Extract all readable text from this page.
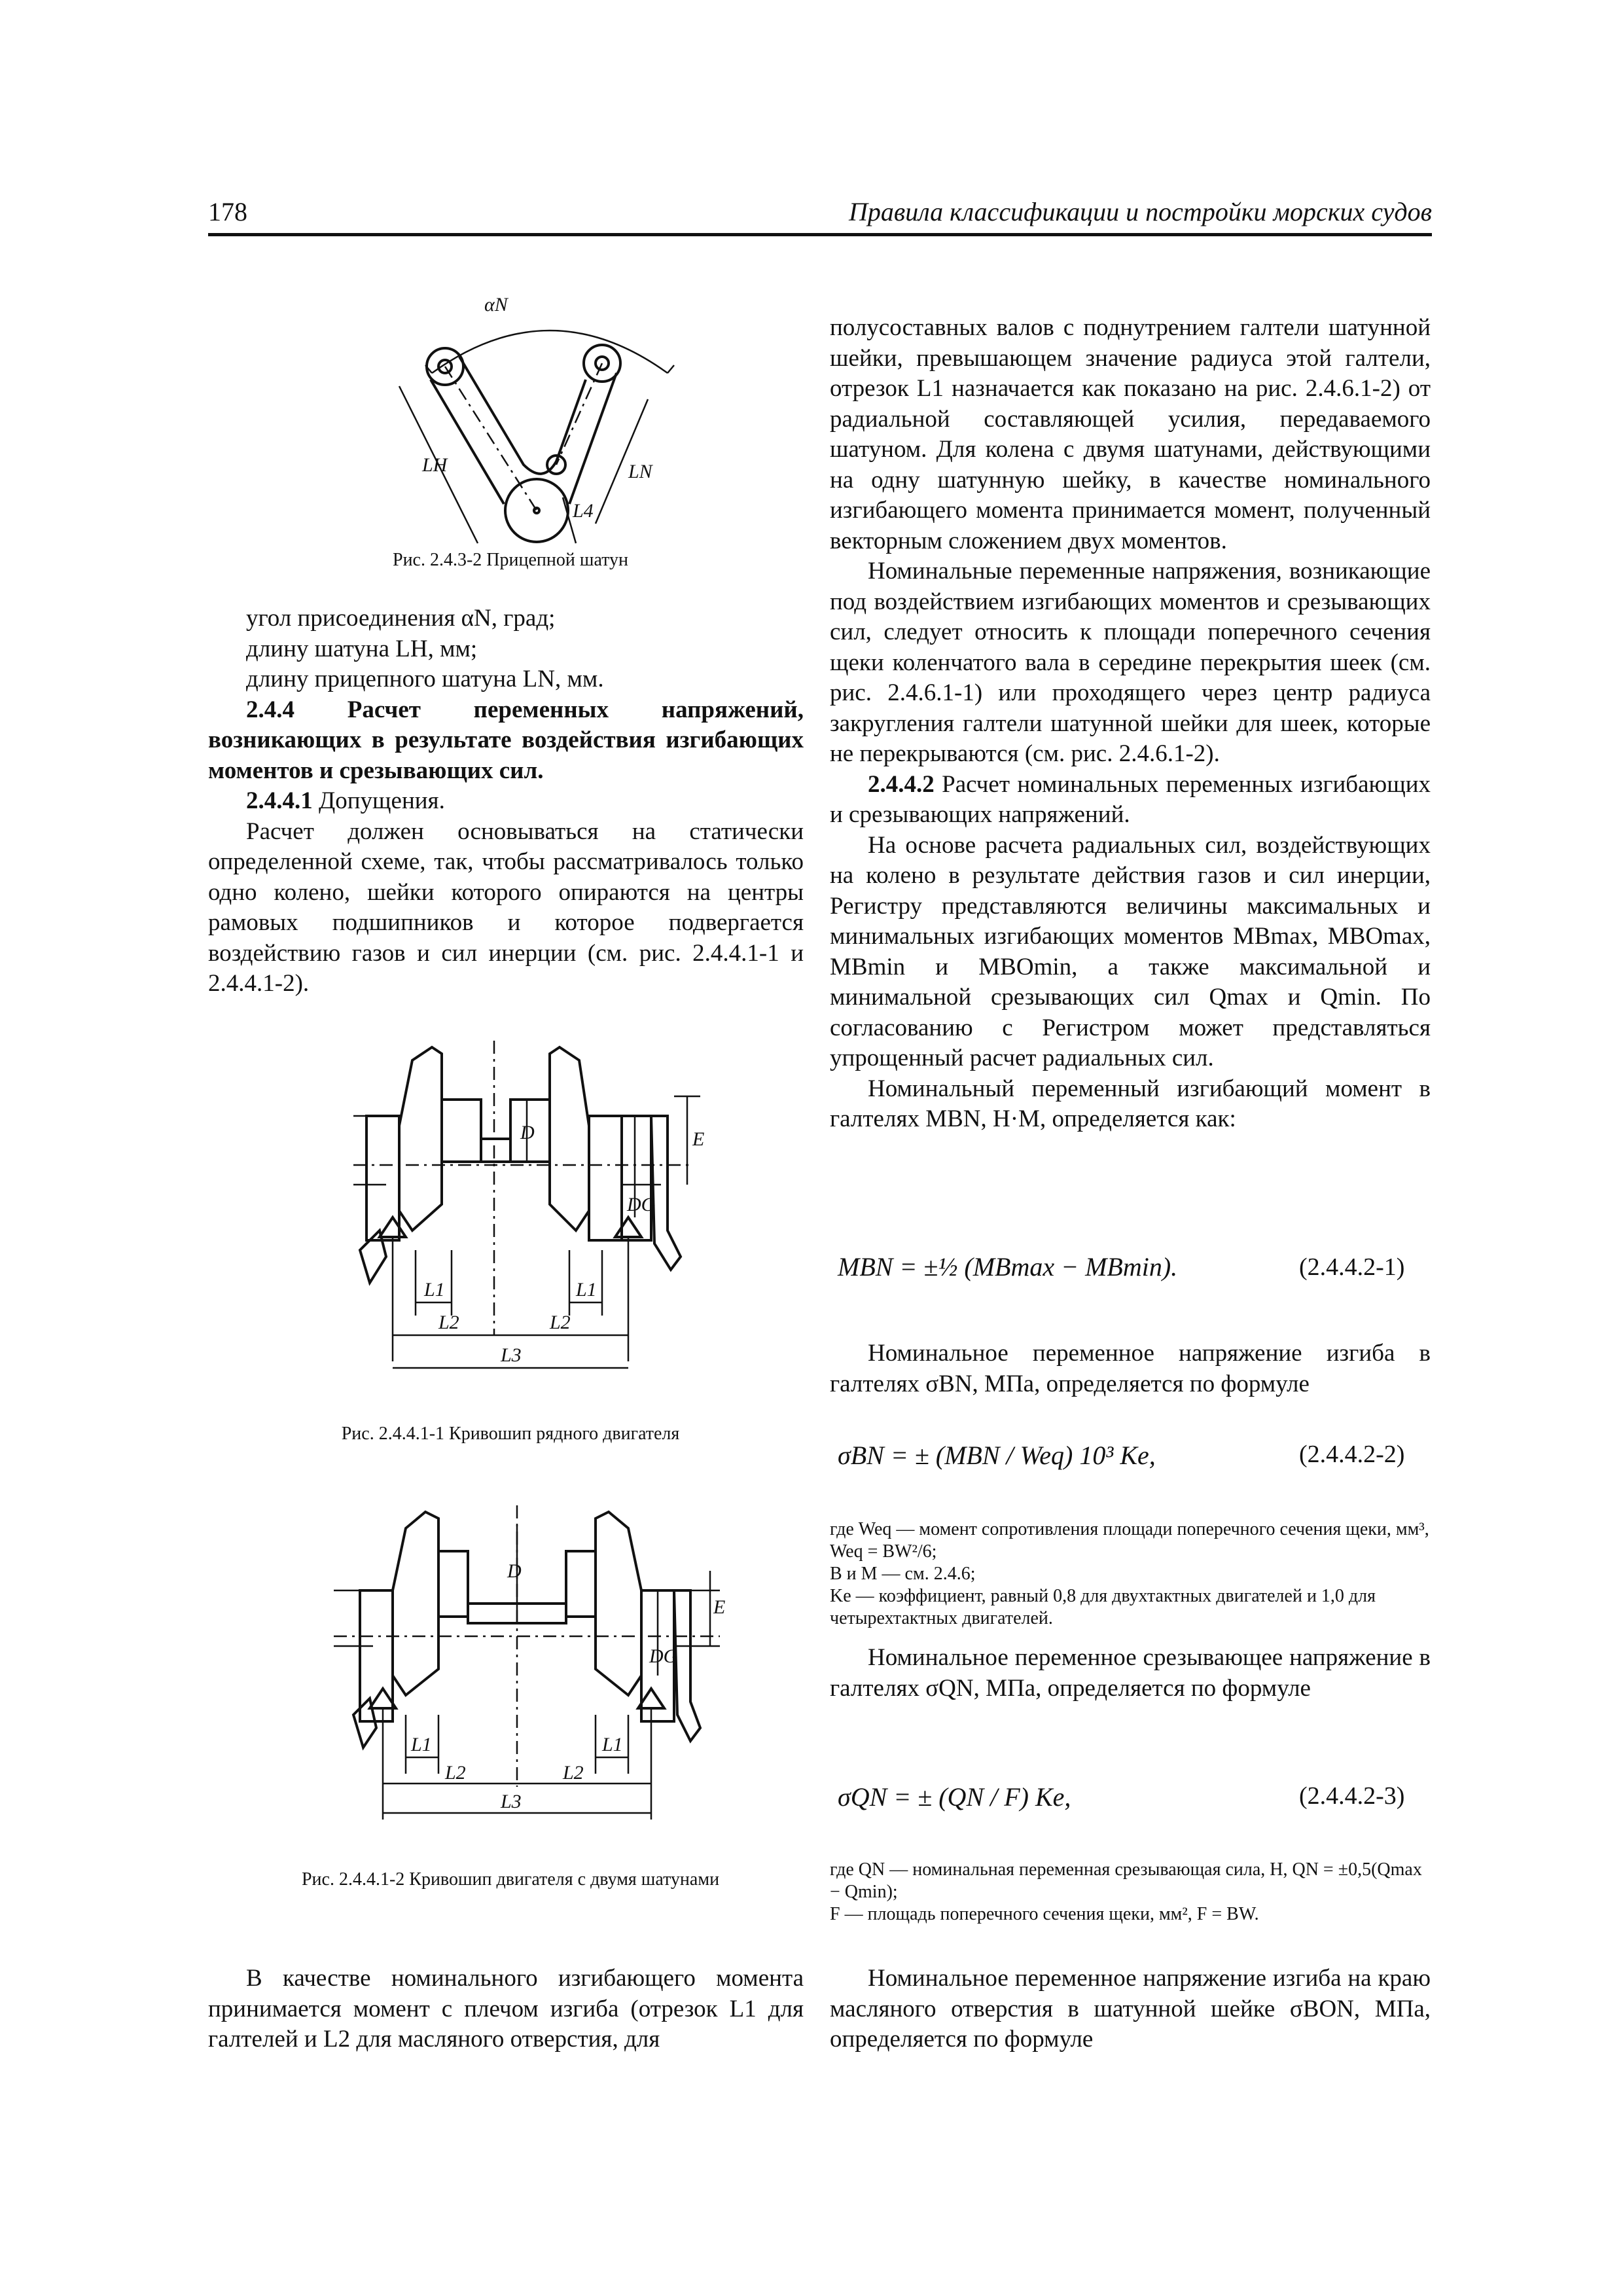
178	Правила классификации и постройки морских судов
αN
LH	LN
L4
Рис. 2.4.3-2 Прицепной шатун

угол присоединения αN, град;

длину шатуна LH, мм;

длину прицепного шатуна LN, мм.

2.4.4 Расчет переменных напряжений, возникающих в результате воздействия изгибающих моментов и срезывающих сил.

2.4.4.1 Допущения.

Расчет должен основываться на статически определенной схеме, так, чтобы рассматривалось только одно колено, шейки которого опираются на центры рамовых подшипников и которое подвергается воздействию газов и сил инерции (см. рис. 2.4.4.1-1 и 2.4.4.1-2).

D	E
DG
L1	L1
L2	L2
L3
Рис. 2.4.4.1-1 Кривошип рядного двигателя
D
E
DG
L1	L1
L2	L2
L3
Рис. 2.4.4.1-2 Кривошип двигателя с двумя шатунами

В качестве номинального изгибающего момента принимается момент с плечом изгиба (отрезок L1 для галтелей и L2 для масляного отверстия, для

полусоставных валов с поднутрением галтели шатунной шейки, превышающем значение радиуса этой галтели, отрезок L1 назначается как показано на рис. 2.4.6.1-2) от радиальной составляющей усилия, передаваемого шатуном. Для колена с двумя шатунами, действующими на одну шатунную шейку, в качестве номинального изгибающего момента принимается момент, полученный векторным сложением двух моментов.

Номинальные переменные напряжения, возникающие под воздействием изгибающих моментов и срезывающих сил, следует относить к площади поперечного сечения щеки коленчатого вала в середине перекрытия шеек (см. рис. 2.4.6.1-1) или проходящего через центр радиуса закругления галтели шатунной шейки для шеек, которые не перекрываются (см. рис. 2.4.6.1-2).

2.4.4.2 Расчет номинальных переменных изгибающих и срезывающих напряжений.

На основе расчета радиальных сил, воздействующих на колено в результате действия газов и сил инерции, Регистру представляются величины максимальных и минимальных изгибающих моментов MBmax, MBOmax, MBmin и MBOmin, а также максимальной и минимальной срезывающих сил Qmax и Qmin. По согласованию с Регистром может представляться упрощенный расчет радиальных сил.

Номинальный переменный изгибающий момент в галтелях MBN, Н·М, определяется как:

MBN = ±½ (MBmax − MBmin).	(2.4.4.2-1)

Номинальное переменное напряжение изгиба в галтелях σBN, МПа, определяется по формуле

σBN = ± (MBN / Weq) 10³ Ke,	(2.4.4.2-2)

где Weq — момент сопротивления площади поперечного сечения щеки, мм³, Weq = BW²/6;

B и M — см. 2.4.6;

Ke — коэффициент, равный 0,8 для двухтактных двигателей и 1,0 для четырехтактных двигателей.

Номинальное переменное срезывающее напряжение в галтелях σQN, МПа, определяется по формуле

σQN = ± (QN / F) Ke,	(2.4.4.2-3)

где QN — номинальная переменная срезывающая сила, Н, QN = ±0,5(Qmax − Qmin);

F — площадь поперечного сечения щеки, мм², F = BW.

Номинальное переменное напряжение изгиба на краю масляного отверстия в шатунной шейке σBON, МПа, определяется по формуле
